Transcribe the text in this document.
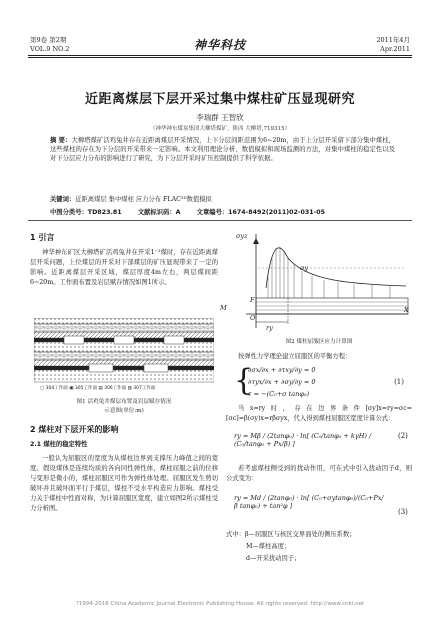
第9卷 第2期
VOL.9 NO.2	神华科技	2011年4月
Apr.2011
近距离煤层下层开采过集中煤柱矿压显现研究
李瑞群 王智欣
（神华神东煤炭集团大柳塔煤矿，陕西 大柳塔,719315）
摘 要：大柳塔煤矿活鸡兔井存在近距离煤层开采情况，上下分层间距范围为6~20m，由于上分层开采留下部分集中煤柱，这些煤柱的存在为下分层的开采带来一定影响。本文利用理论分析、数值模拟和现场监测的方法，对集中煤柱的稳定性以及对下分层应力分布的影响进行了研究，为下分层开采时矿压控制提供了科学依据。
关键词：近距离煤层 集中煤柱 应力分布 FLAC³ᴰ数值模拟
中图分类号：TD823.81	文献标识码：A	文章编号：1674-8492(2011)02-031-05
1 引言
神华神东矿区大柳塔矿活鸡兔井在开采1⁻²煤时，存在近距离煤层开采问题，上位煤层的开采对下部煤层的矿压显现带来了一定的影响。近距离煤层开采区域，煤层厚度4m左右，两层煤间距6~20m。工作面布置及岩层赋存情况如图1所示。
▢ 304工作面 ▣ 305工作面 ▤ 306工作面 ▥ 307工作面
图1 活鸡兔井煤层布置及岩层赋存情况
示意图(单位:m)
2 煤柱对下层开采的影响
2.1 煤柱的稳定特性
一般认为屈服区的宽度为从煤柱边界到支撑压力峰值之间的宽度。假设煤体是连续均质的各向同性弹性体，煤柱屈服之前的位移与变形是微小的，煤柱屈服区可作为弹性体处理。屈服区发生剪切破坏并且破坏面平行于煤层，煤柱不受水平构造应力影响。煤柱受力关于煤柱中性面对称，为计算屈服区宽度，建立如图2所示煤柱受力分析图。
σyz
σy
X
M
F
O
ry
图2 煤柱屈服区应力计算图
按弹性力学理论建立屈服区的平衡方程：
{
∂σx/∂x + ∂τxy/∂y = 0
∂τyx/∂x + ∂σy/∂y = 0
τ = −(C₀+σ tanφ₀)
(1)
当x=ry时，存在边界条件[σy]x=ry=σc=[σc]=β(σy)x=rβσyx，代入得到煤柱屈服区宽度计算公式：
ry = Mβ / (2tanφ₀) · ln[ (C₀/tanφ₀ + kγH) / (C₀/tanφ₀ + Px/β) ]
(2)
若考虑煤柱侧受到的扰动作用，可在式中引入扰动因子d，则公式变为：
ry = Md / (2tanφ₀) · ln[ (C₀+σytanφ₀)/(C₀+Px/β tanφ₀) + tan²φ ]
(3)
式中：β—屈服区与核区交界面处的侧压系数；
M—煤柱高度；
d—开采扰动因子；
?1994-2016 China Academic Journal Electronic Publishing House. All rights reserved. http://www.cnki.net
